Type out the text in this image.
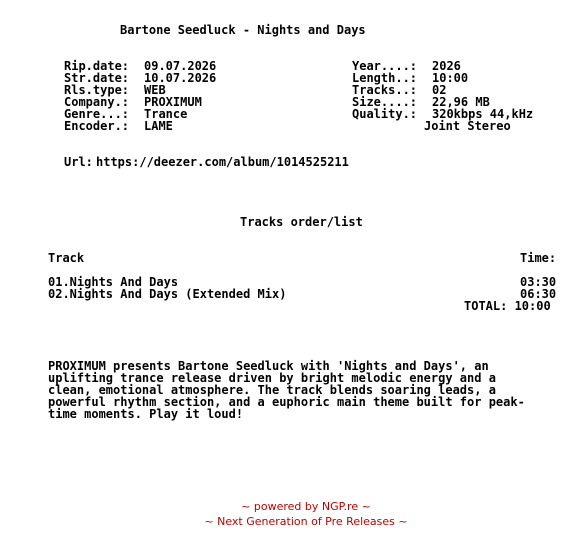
Bartone Seedluck - Nights and Days
Rip.date: 09.07.2026
Str.date: 10.07.2026
Rls.type: WEB
Company.: PROXIMUM
Genre...: Trance
Encoder.: LAME
Year....: 2026
Length..: 10:00
Tracks..: 02
Size....: 22,96 MB
Quality.: 320kbps 44,kHz
Joint Stereo
Url: https://deezer.com/album/1014525211
Tracks order/list
Track	Time:
01.Nights And Days	03:30
02.Nights And Days (Extended Mix)	06:30
TOTAL: 10:00
PROXIMUM presents Bartone Seedluck with 'Nights and Days', an
uplifting trance release driven by bright melodic energy and a
clean, emotional atmosphere. The track blends soaring leads, a
powerful rhythm section, and a euphoric main theme built for peak-
time moments. Play it loud!
~ powered by NGP.re ~
~ Next Generation of Pre Releases ~
